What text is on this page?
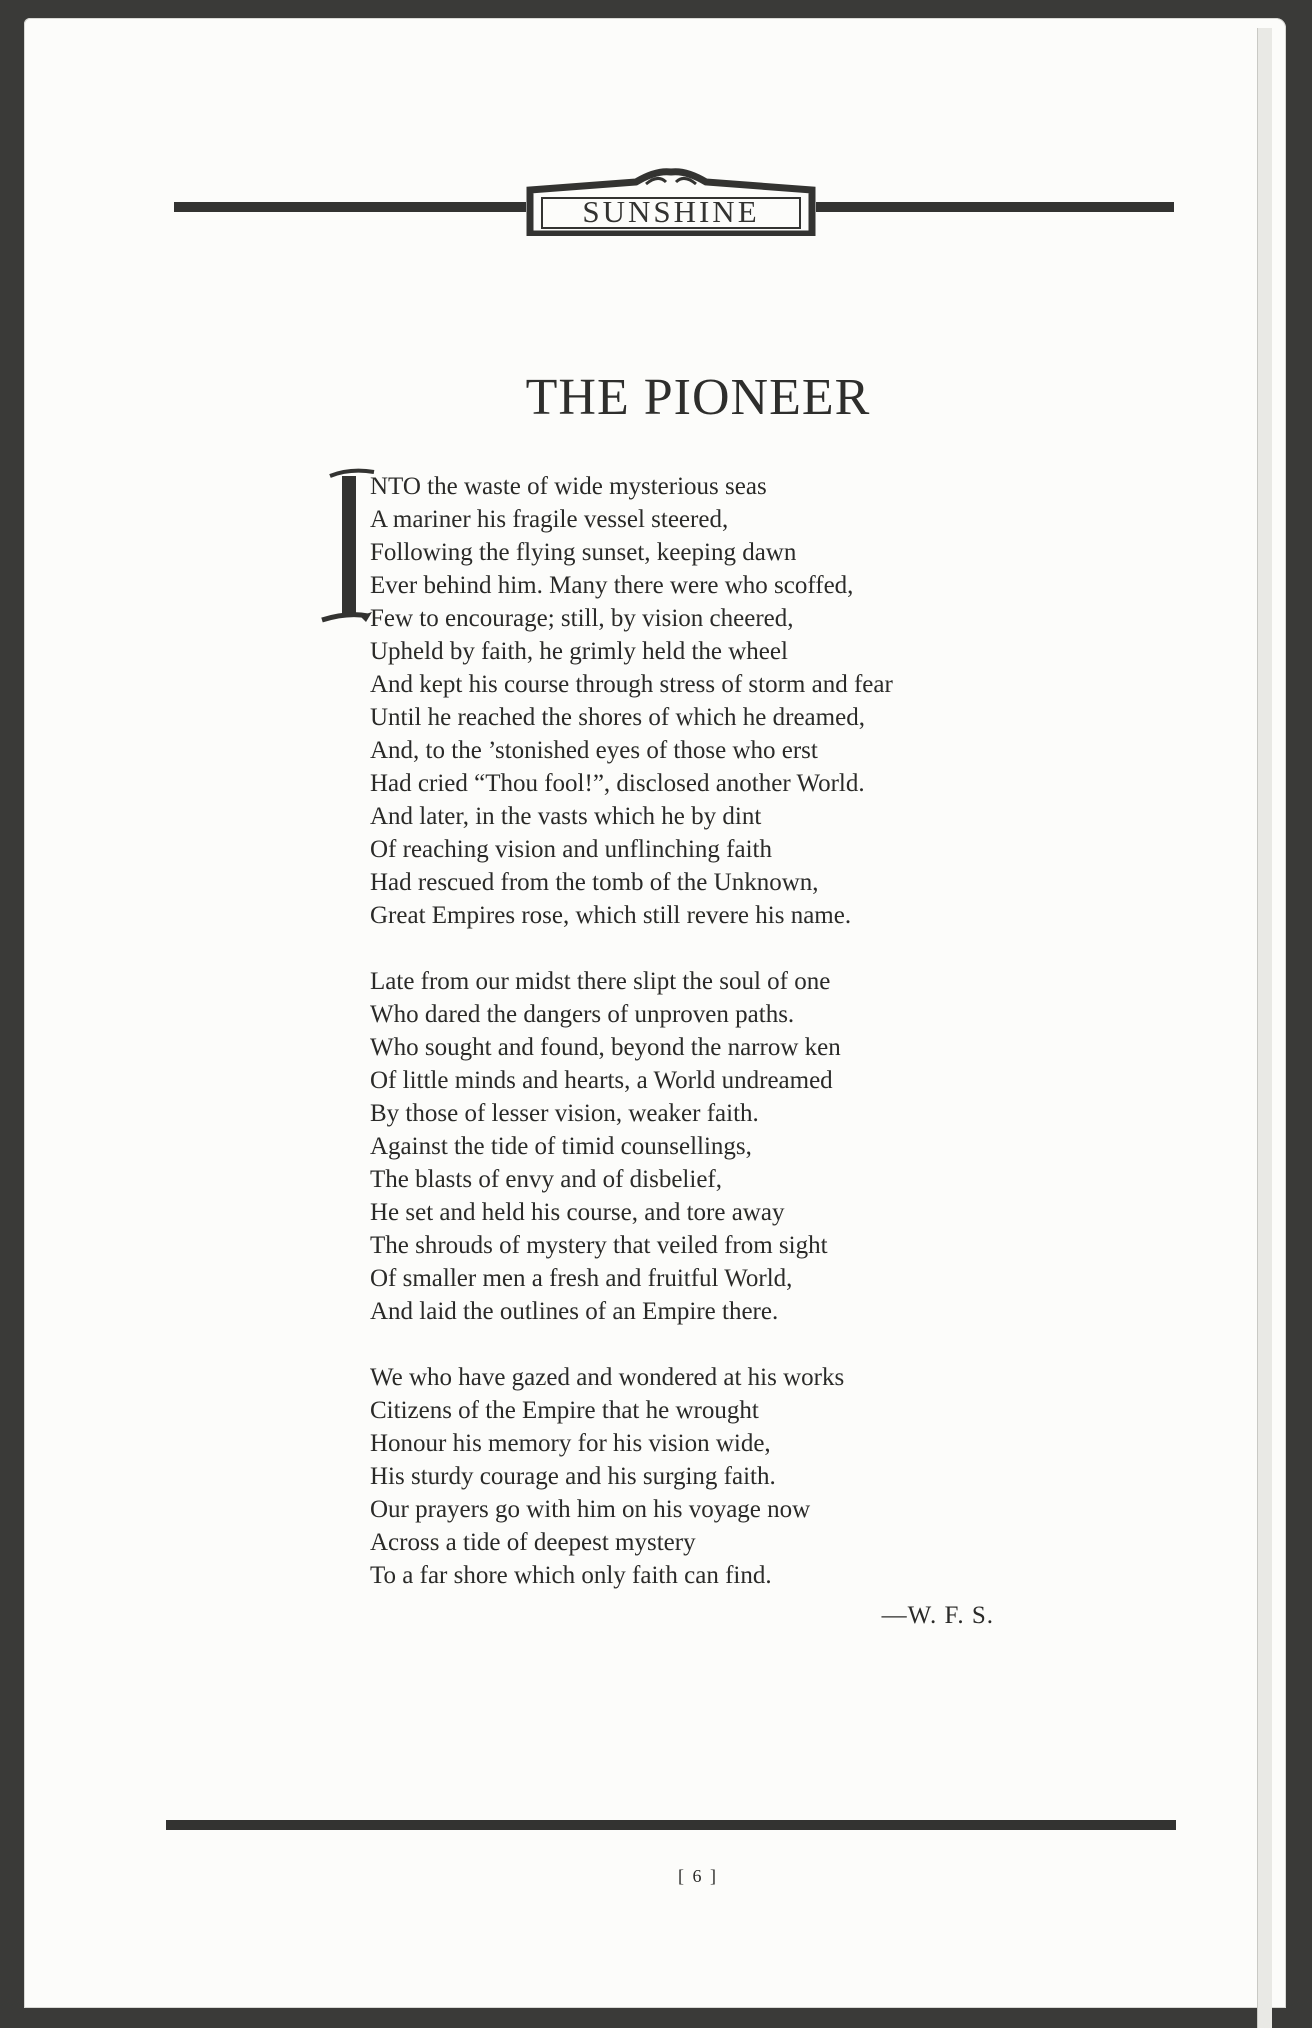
SUNSHINE
THE PIONEER
I
NTO the waste of wide mysterious seas
A mariner his fragile vessel steered,
Following the flying sunset, keeping dawn
Ever behind him. Many there were who scoffed,
Few to encourage; still, by vision cheered,
Upheld by faith, he grimly held the wheel
And kept his course through stress of storm and fear
Until he reached the shores of which he dreamed,
And, to the ’stonished eyes of those who erst
Had cried “Thou fool!”, disclosed another World.
And later, in the vasts which he by dint
Of reaching vision and unflinching faith
Had rescued from the tomb of the Unknown,
Great Empires rose, which still revere his name.
Late from our midst there slipt the soul of one
Who dared the dangers of unproven paths.
Who sought and found, beyond the narrow ken
Of little minds and hearts, a World undreamed
By those of lesser vision, weaker faith.
Against the tide of timid counsellings,
The blasts of envy and of disbelief,
He set and held his course, and tore away
The shrouds of mystery that veiled from sight
Of smaller men a fresh and fruitful World,
And laid the outlines of an Empire there.
We who have gazed and wondered at his works
Citizens of the Empire that he wrought
Honour his memory for his vision wide,
His sturdy courage and his surging faith.
Our prayers go with him on his voyage now
Across a tide of deepest mystery
To a far shore which only faith can find.
—W. F. S.
[ 6 ]
